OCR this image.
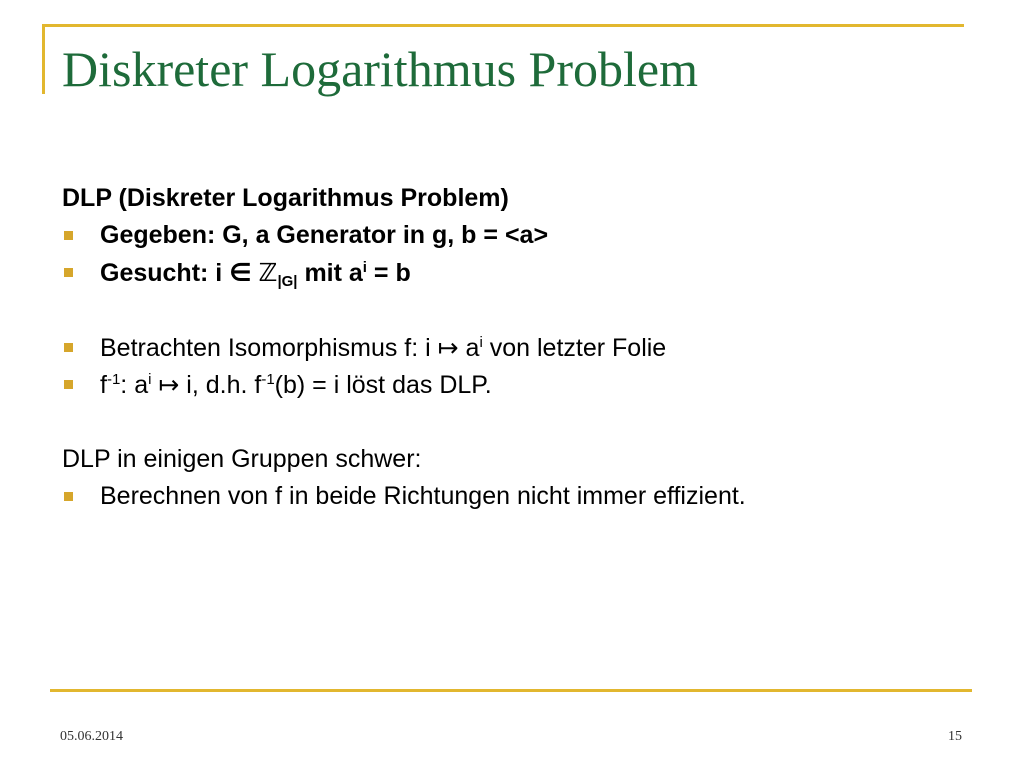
Diskreter Logarithmus Problem
DLP (Diskreter Logarithmus Problem)
Gegeben: G, a Generator in g, b = <a>
Gesucht: i ∈ ℤ$_{|G|}$ mit $a^i = b$
Betrachten Isomorphismus f: i ↦ $a^i$ von letzter Folie
$f^{-1}$: $a^i$ ↦ i, d.h. $f^{-1}(b) = i$ löst das DLP.
DLP in einigen Gruppen schwer:
Berechnen von f in beide Richtungen nicht immer effizient.
05.06.2014	15
